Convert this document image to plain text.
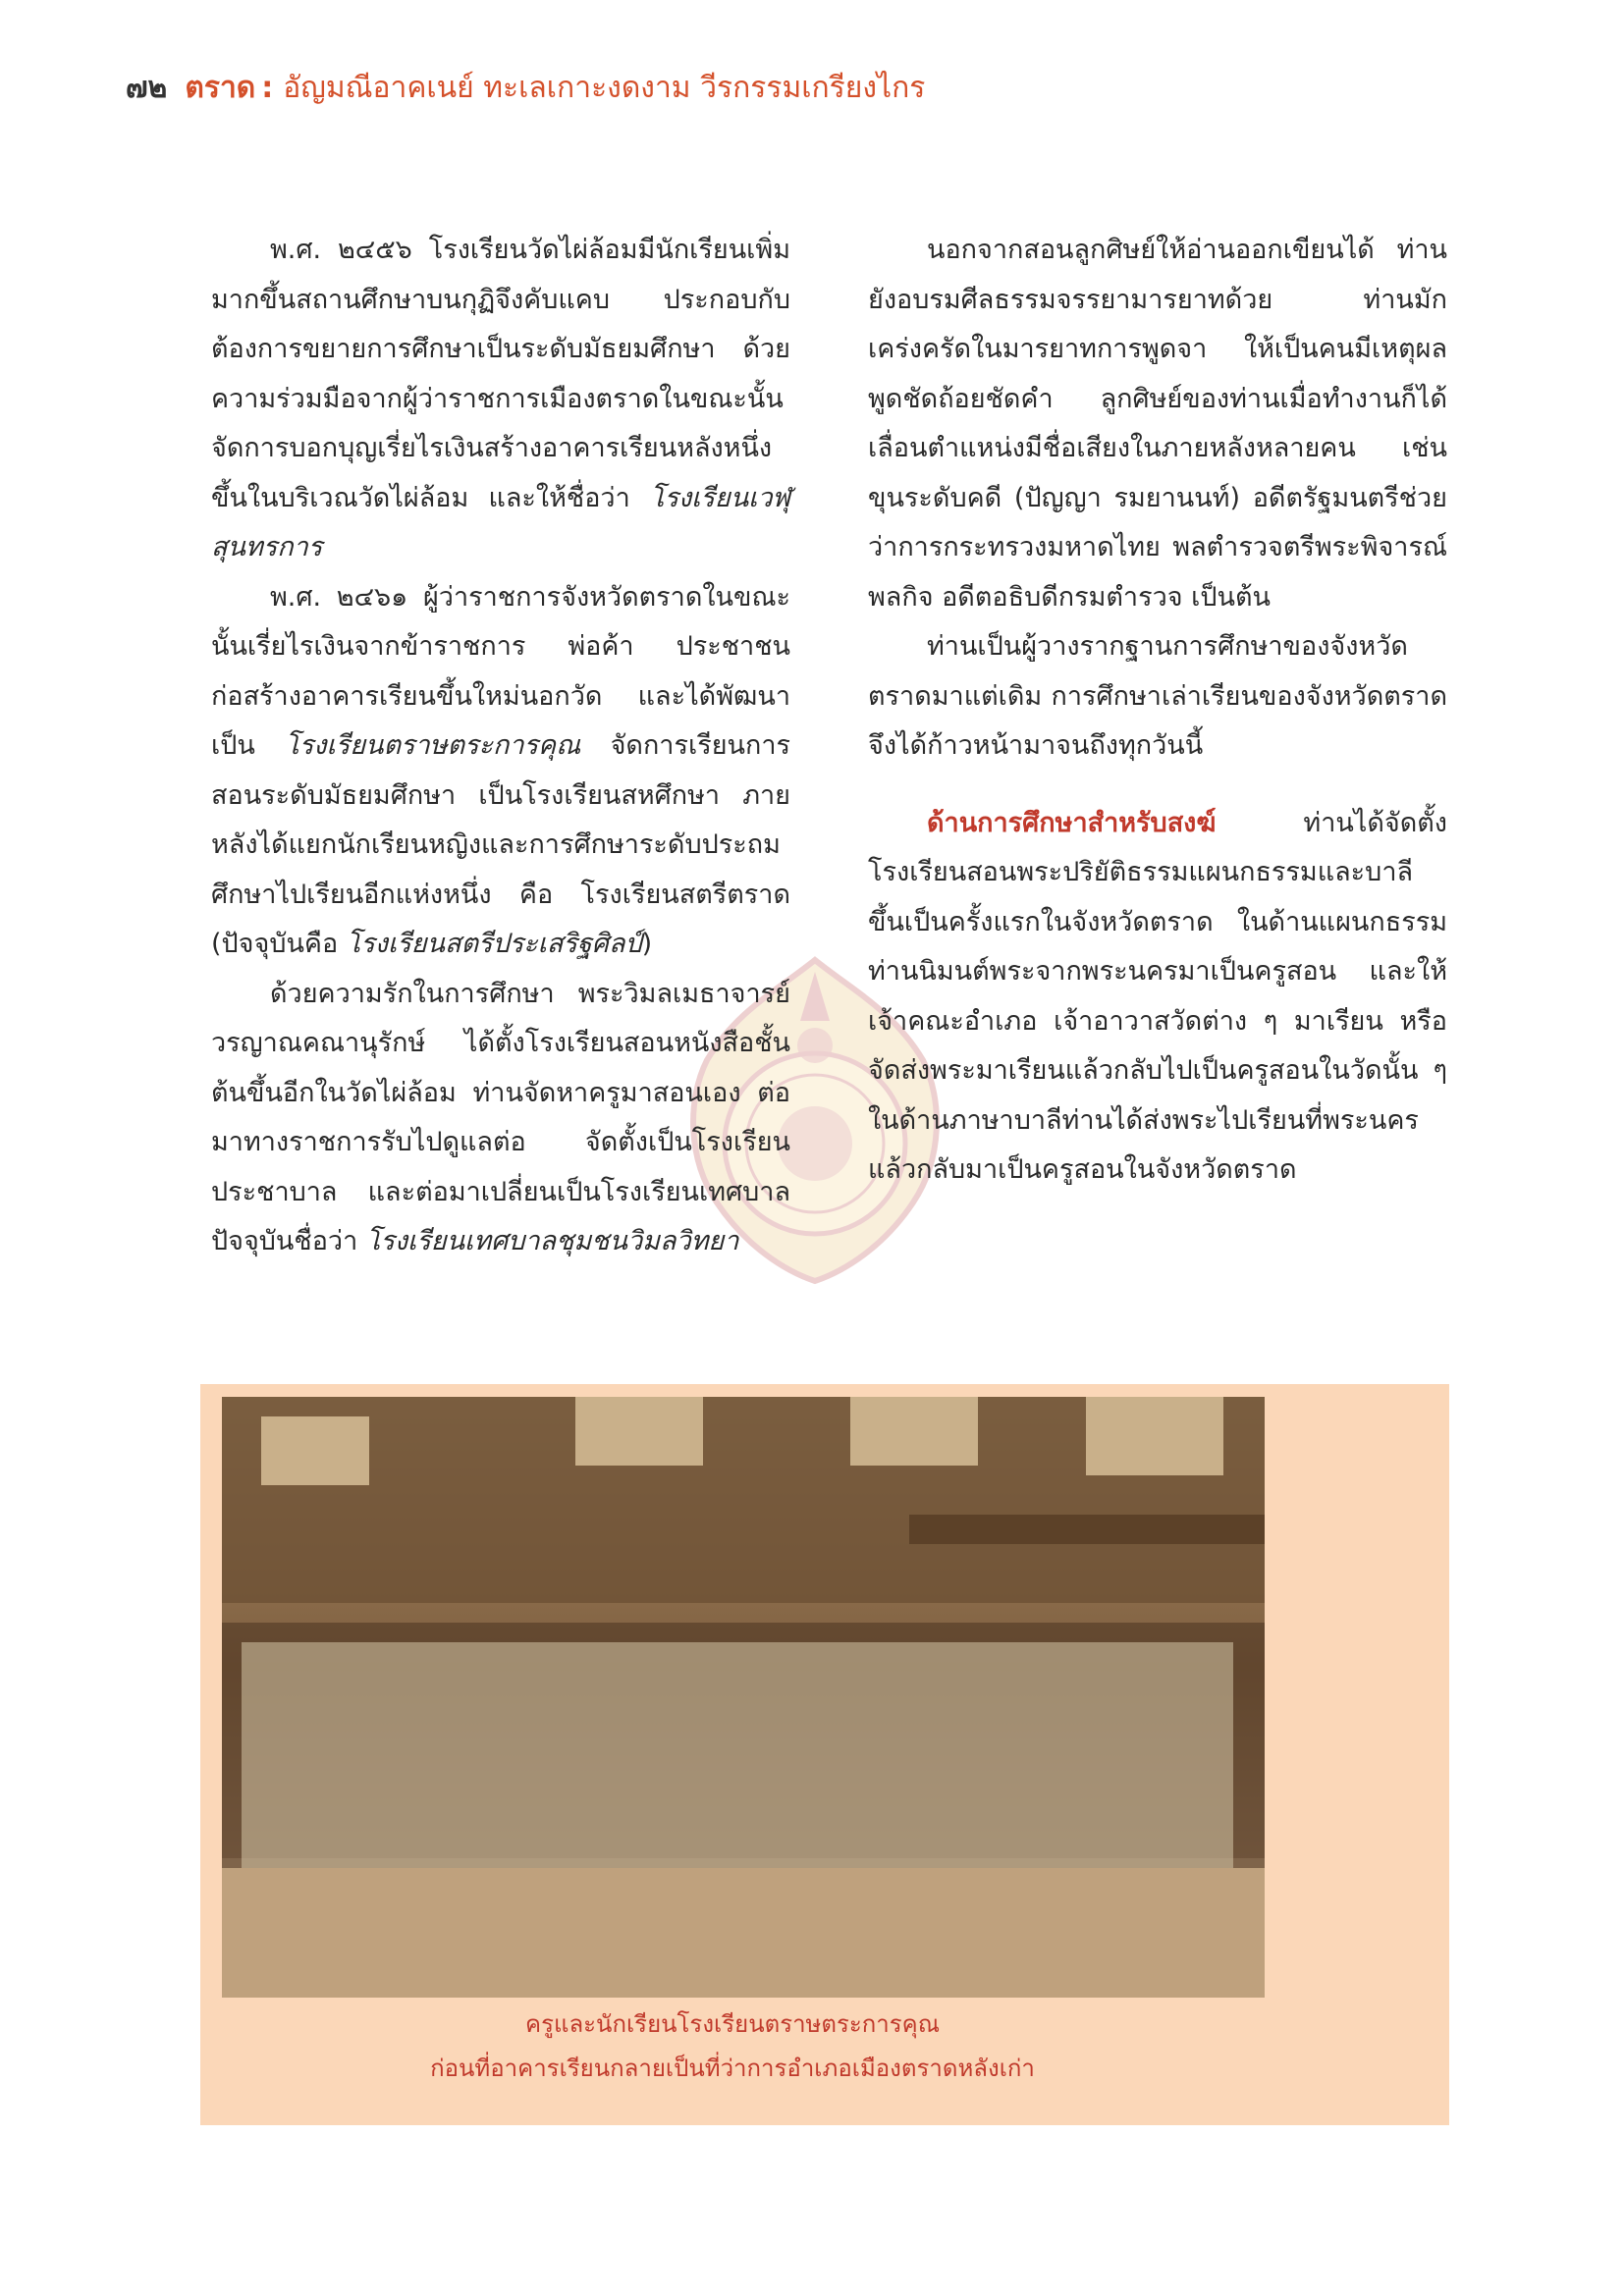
๗๒ ตราด : อัญมณีอาคเนย์ ทะเลเกาะงดงาม วีรกรรมเกรียงไกร

พ.ศ. ๒๔๕๖ โรงเรียนวัดไผ่ล้อมมีนักเรียนเพิ่มมากขึ้นสถานศึกษาบนกุฏิจึงคับแคบ ประกอบกับต้องการขยายการศึกษาเป็นระดับมัธยมศึกษา ด้วยความร่วมมือจากผู้ว่าราชการเมืองตราดในขณะนั้น จัดการบอกบุญเรี่ยไรเงินสร้างอาคารเรียนหลังหนึ่งขึ้นในบริเวณวัดไผ่ล้อม และให้ชื่อว่า โรงเรียนเวฬุสุนทรการ

พ.ศ. ๒๔๖๑ ผู้ว่าราชการจังหวัดตราดในขณะนั้นเรี่ยไรเงินจากข้าราชการ พ่อค้า ประชาชน ก่อสร้างอาคารเรียนขึ้นใหม่นอกวัด และได้พัฒนาเป็น โรงเรียนตราษตระการคุณ จัดการเรียนการสอนระดับมัธยมศึกษา เป็นโรงเรียนสหศึกษา ภายหลังได้แยกนักเรียนหญิงและการศึกษาระดับประถมศึกษาไปเรียนอีกแห่งหนึ่ง คือ โรงเรียนสตรีตราด (ปัจจุบันคือ โรงเรียนสตรีประเสริฐศิลป์)

ด้วยความรักในการศึกษา พระวิมลเมธาจารย์ วรญาณคณานุรักษ์ ได้ตั้งโรงเรียนสอนหนังสือชั้นต้นขึ้นอีกในวัดไผ่ล้อม ท่านจัดหาครูมาสอนเอง ต่อมาทางราชการรับไปดูแลต่อ จัดตั้งเป็นโรงเรียนประชาบาล และต่อมาเปลี่ยนเป็นโรงเรียนเทศบาล ปัจจุบันชื่อว่า โรงเรียนเทศบาลชุมชนวิมลวิทยา

นอกจากสอนลูกศิษย์ให้อ่านออกเขียนได้ ท่านยังอบรมศีลธรรมจรรยามารยาทด้วย ท่านมักเคร่งครัดในมารยาทการพูดจา ให้เป็นคนมีเหตุผล พูดชัดถ้อยชัดคำ ลูกศิษย์ของท่านเมื่อทำงานก็ได้เลื่อนตำแหน่งมีชื่อเสียงในภายหลังหลายคน เช่น ขุนระดับคดี (ปัญญา รมยานนท์) อดีตรัฐมนตรีช่วยว่าการกระทรวงมหาดไทย พลตำรวจตรีพระพิจารณ์พลกิจ อดีตอธิบดีกรมตำรวจ เป็นต้น

ท่านเป็นผู้วางรากฐานการศึกษาของจังหวัดตราดมาแต่เดิม การศึกษาเล่าเรียนของจังหวัดตราดจึงได้ก้าวหน้ามาจนถึงทุกวันนี้

ด้านการศึกษาสำหรับสงฆ์	ท่านได้จัดตั้งโรงเรียนสอนพระปริยัติธรรมแผนกธรรมและบาลีขึ้นเป็นครั้งแรกในจังหวัดตราด ในด้านแผนกธรรมท่านนิมนต์พระจากพระนครมาเป็นครูสอน และให้เจ้าคณะอำเภอ เจ้าอาวาสวัดต่าง ๆ มาเรียน หรือจัดส่งพระมาเรียนแล้วกลับไปเป็นครูสอนในวัดนั้น ๆ ในด้านภาษาบาลีท่านได้ส่งพระไปเรียนที่พระนครแล้วกลับมาเป็นครูสอนในจังหวัดตราด

ครูและนักเรียนโรงเรียนตราษตระการคุณ
ก่อนที่อาคารเรียนกลายเป็นที่ว่าการอำเภอเมืองตราดหลังเก่า
